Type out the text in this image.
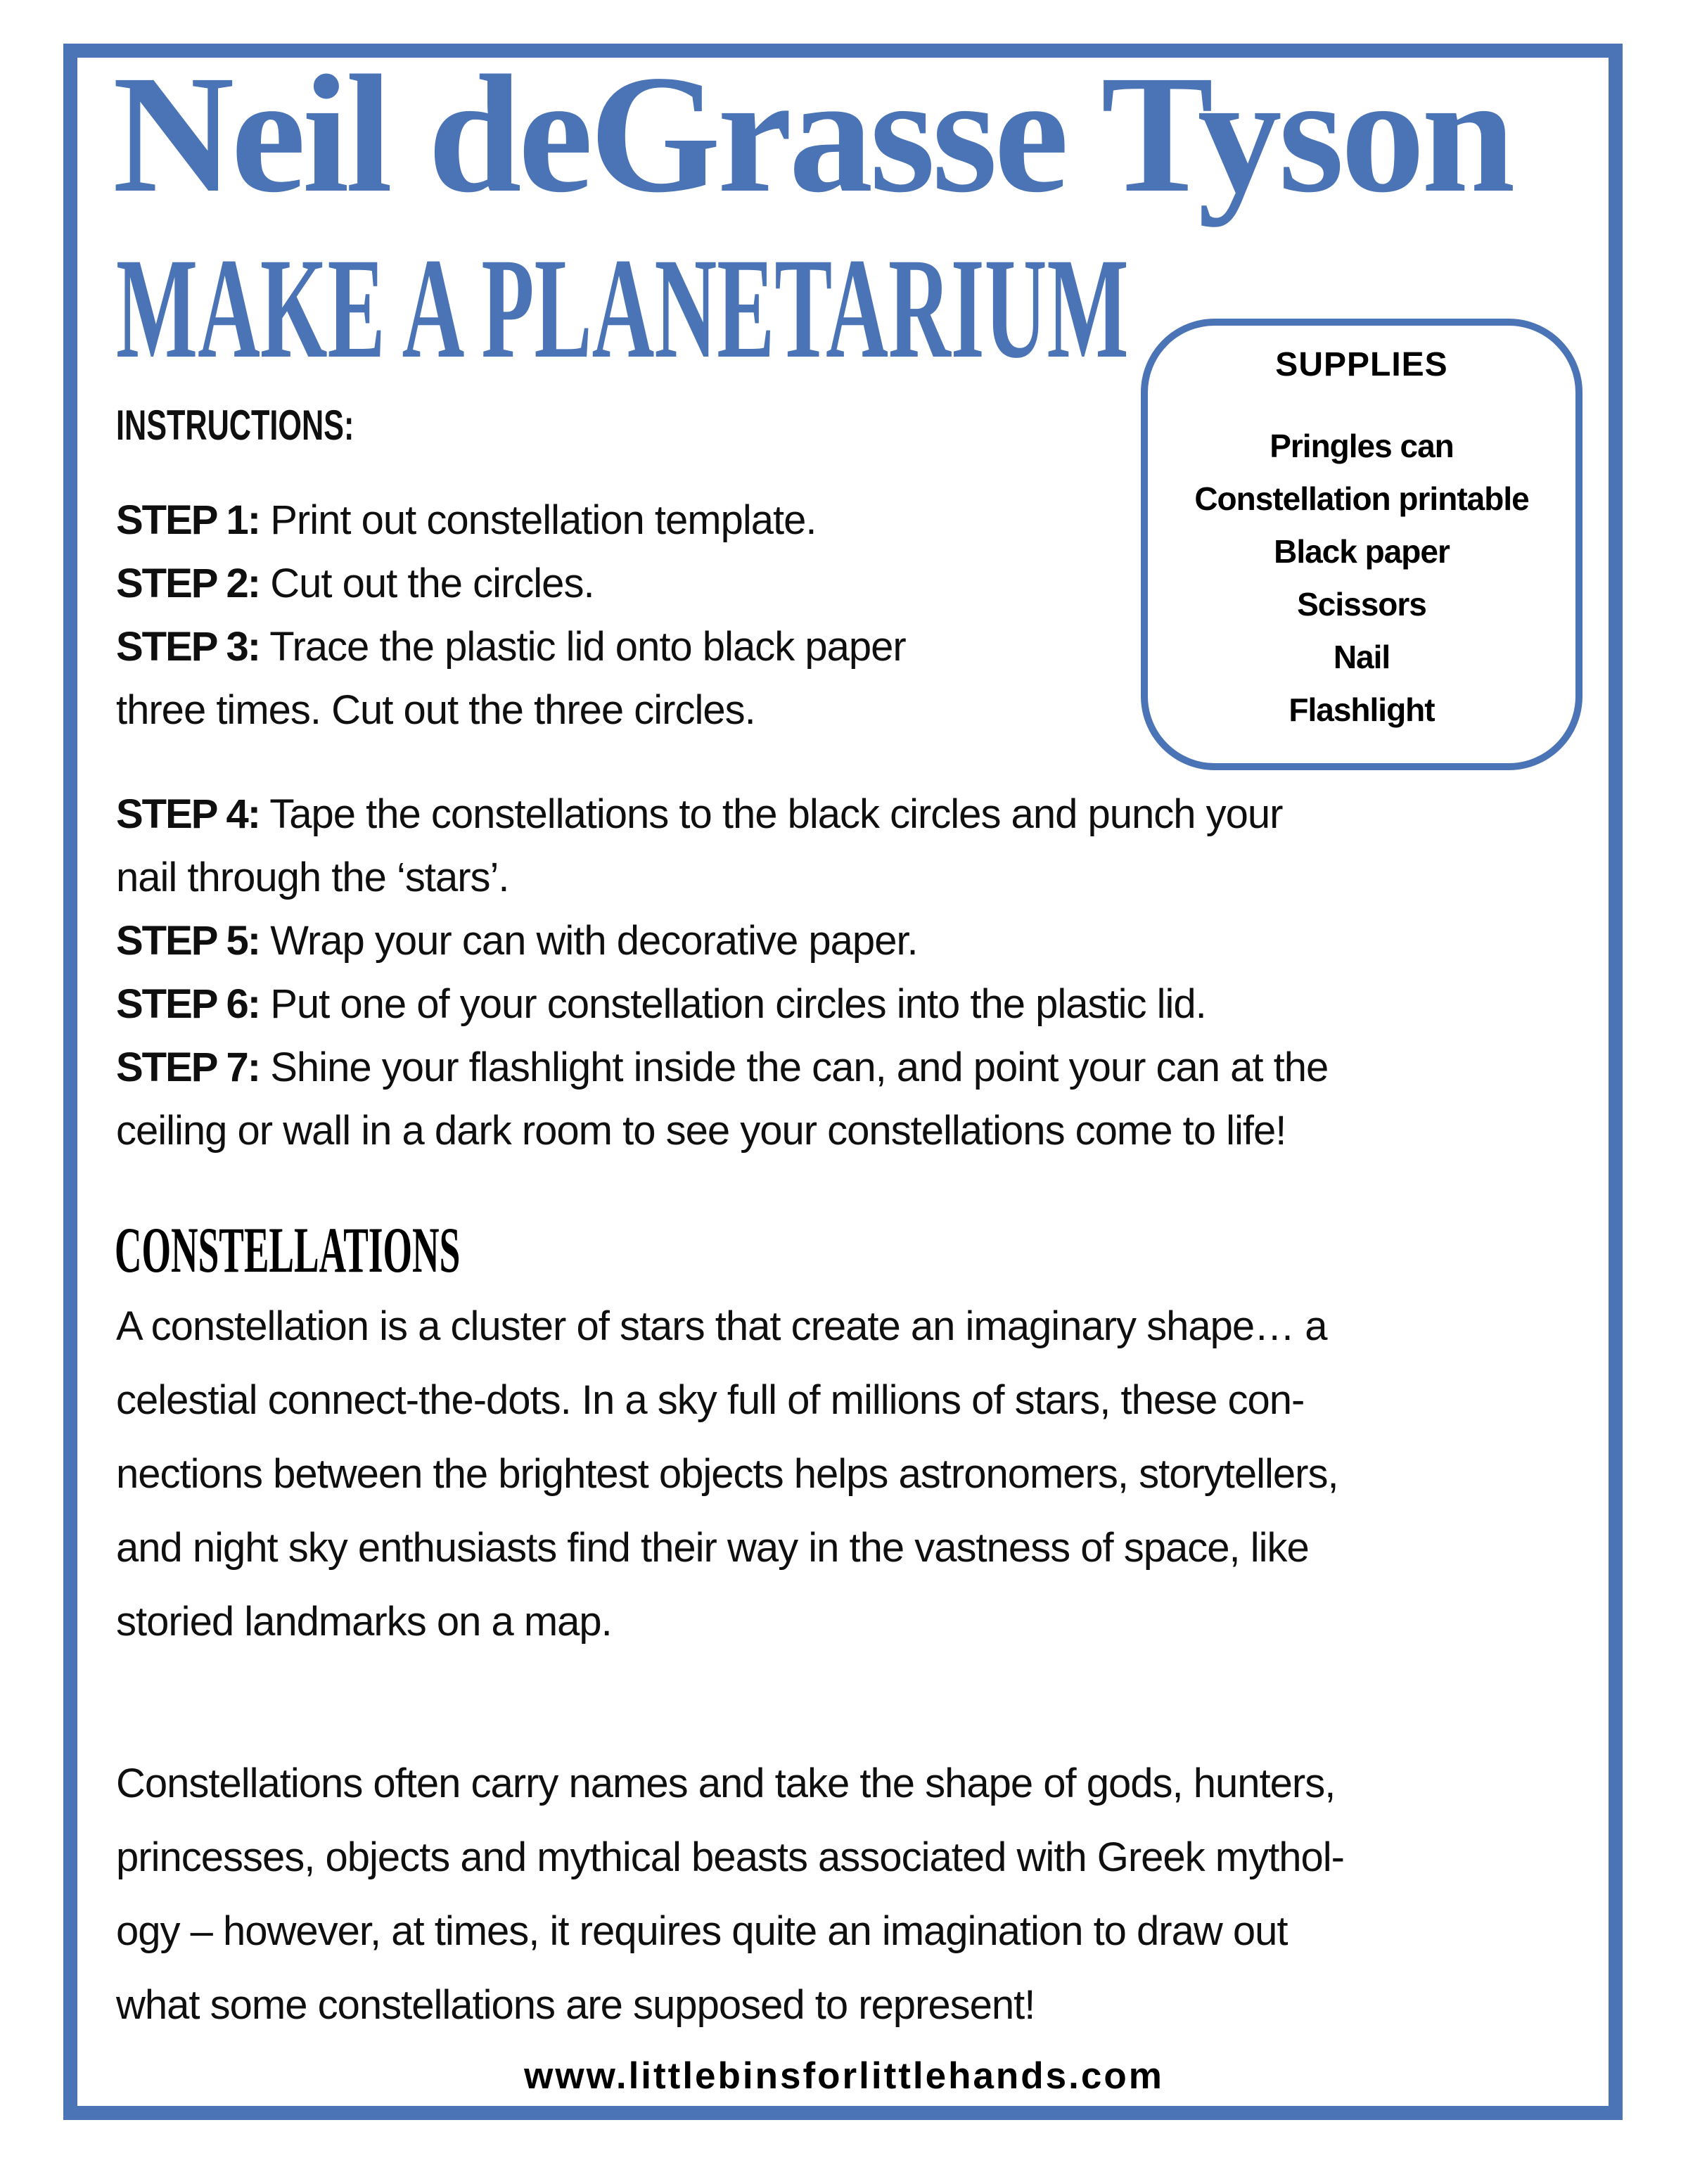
Neil deGrasse Tyson
MAKE A PLANETARIUM	SUPPLIES
Pringles can
Constellation printable
Black paper
Scissors
Nail
Flashlight
INSTRUCTIONS:
STEP 1: Print out constellation template.
STEP 2: Cut out the circles.
STEP 3: Trace the plastic lid onto black paper
three times. Cut out the three circles.
STEP 4: Tape the constellations to the black circles and punch your
nail through the ‘stars’.
STEP 5: Wrap your can with decorative paper.
STEP 6: Put one of your constellation circles into the plastic lid.
STEP 7: Shine your flashlight inside the can, and point your can at the
ceiling or wall in a dark room to see your constellations come to life!
CONSTELLATIONS
A constellation is a cluster of stars that create an imaginary shape… a
celestial connect-the-dots. In a sky full of millions of stars, these con-
nections between the brightest objects helps astronomers, storytellers,
and night sky enthusiasts find their way in the vastness of space, like
storied landmarks on a map.
Constellations often carry names and take the shape of gods, hunters,
princesses, objects and mythical beasts associated with Greek mythol-
ogy – however, at times, it requires quite an imagination to draw out
what some constellations are supposed to represent!
www.littlebinsforlittlehands.com
